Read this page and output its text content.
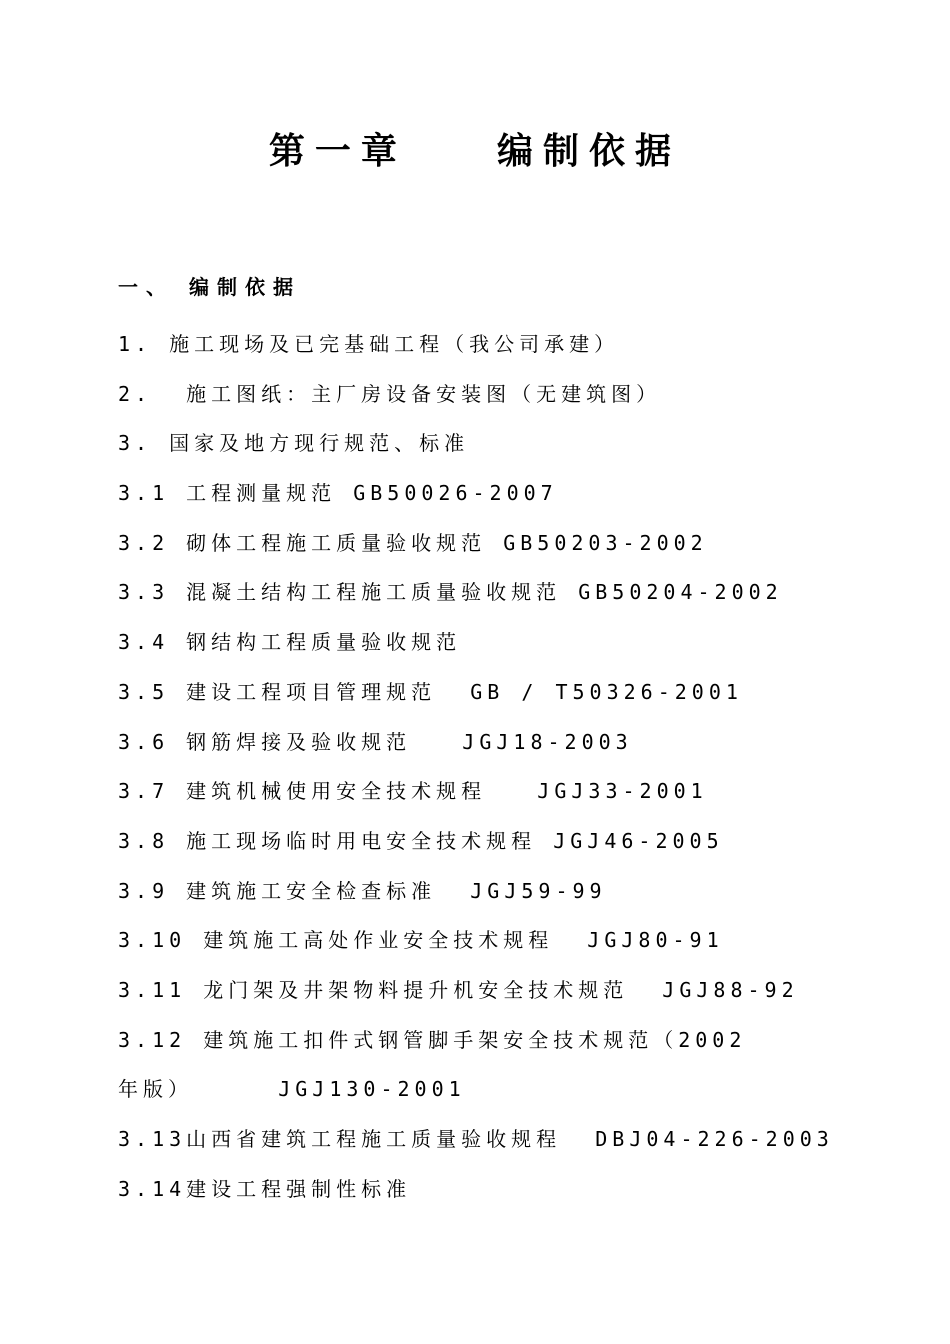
第一章    编制依据
一、 编制依据
1. 施工现场及已完基础工程（我公司承建）
2.  施工图纸：主厂房设备安装图（无建筑图）
3. 国家及地方现行规范、标准
3.1 工程测量规范 GB50026-2007
3.2 砌体工程施工质量验收规范 GB50203-2002
3.3 混凝土结构工程施工质量验收规范 GB50204-2002
3.4 钢结构工程质量验收规范
3.5 建设工程项目管理规范  GB / T50326-2001
3.6 钢筋焊接及验收规范   JGJ18-2003
3.7 建筑机械使用安全技术规程   JGJ33-2001
3.8 施工现场临时用电安全技术规程 JGJ46-2005
3.9 建筑施工安全检查标准  JGJ59-99
3.10 建筑施工高处作业安全技术规程  JGJ80-91
3.11 龙门架及井架物料提升机安全技术规范  JGJ88-92
3.12 建筑施工扣件式钢管脚手架安全技术规范（2002
年版）     JGJ130-2001
3.13山西省建筑工程施工质量验收规程  DBJ04-226-2003
3.14建设工程强制性标准
